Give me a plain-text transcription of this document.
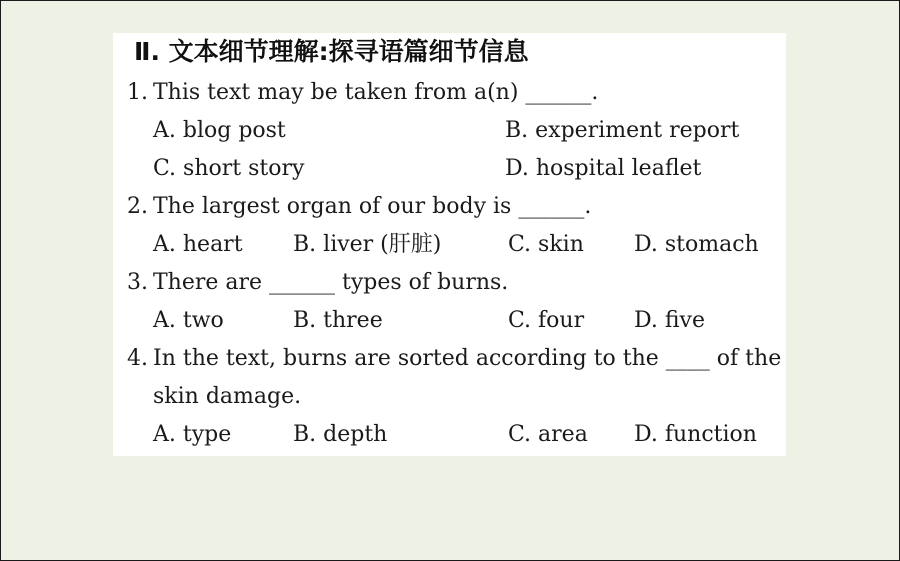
Ⅱ. 文本细节理解:探寻语篇细节信息
1. This text may be taken from a(n) ______.
A. blog post	B. experiment report
C. short story	D. hospital leaflet
2. The largest organ of our body is ______.
A. heart B. liver (肝脏)	C. skin D. stomach
3. There are ______ types of burns.
A. two	B. three	C. four D. five
4. In the text, burns are sorted according to the ____ of the
skin damage.
A. type	B. depth	C. area D. function
